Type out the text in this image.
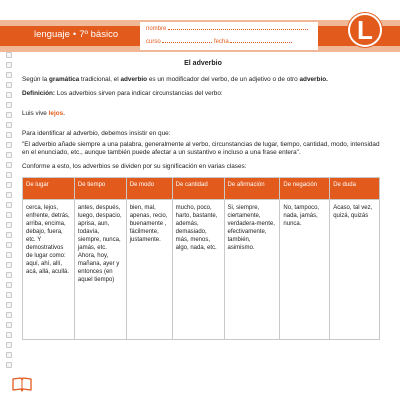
lenguaje • 7º básico	nombre
curso	fecha	L
El adverbio
Según la gramática tradicional, el adverbio es un modificador del verbo, de un adjetivo o de otro adverbio.
Definición: Los adverbios sirven para indicar circunstancias del verbo:
Luis vive lejos.
Para identificar al adverbio, debemos insistir en que:
"El adverbio añade siempre a una palabra, generalmente al verbo, circunstancias de lugar, tiempo, cantidad, modo, intensidad en el enunciado, etc., aunque también puede afectar a un sustantivo e incluso a una frase entera".
Conforme a esto, los adverbios se dividen por su significación en varias clases:
De lugar	De tiempo	De modo	De cantidad	De afirmación	De negación	De duda
cerca, lejos, enfrente, detrás, arriba, encima, debajo, fuera, etc. Y demostrativos de lugar como: aquí, ahí, allí, acá, allá, acullá.	antes, después, luego, despacio, aprisa, aun, todavía, siempre, nunca, jamás, etc. Ahora, hoy, mañana, ayer y entonces (en aquel tiempo)	bien, mal, apenas, recio, buenamente , fácilmente, justamente.	mucho, poco, harto, bastante, además, demasiado, más, menos, algo, nada, etc.	Si, siempre, ciertamente, verdadera-mente, efectivamente, también, asimismo.	No, tampoco, nada, jamás, nunca.	Acaso, tal vez, quizá, quizás
